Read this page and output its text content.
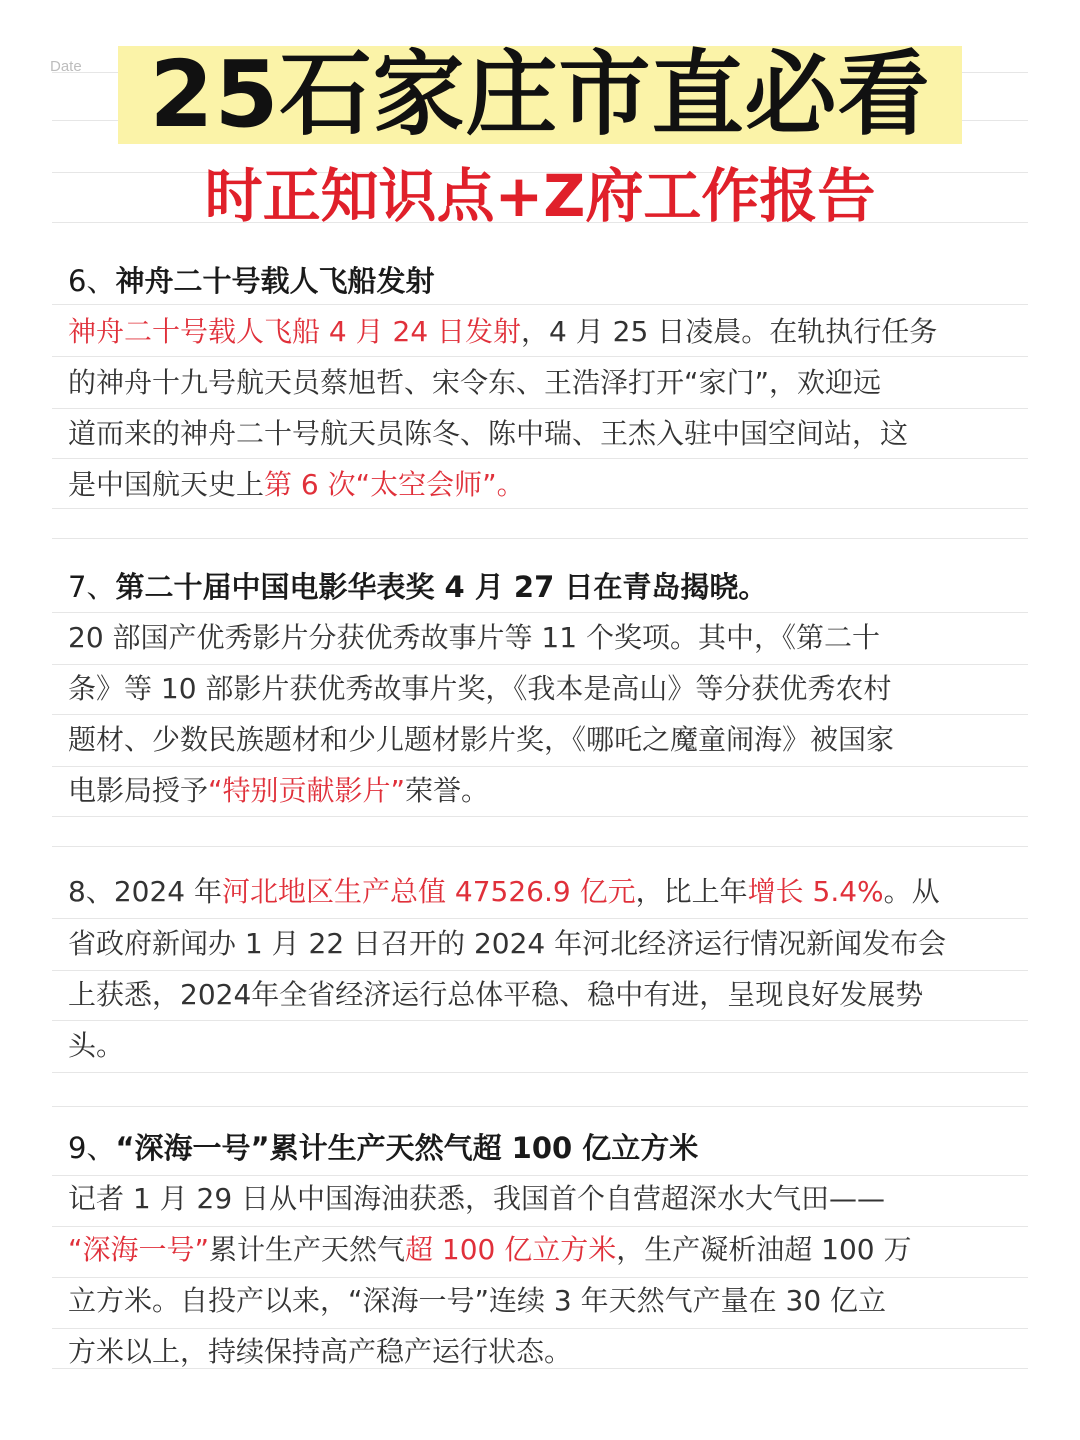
Date 25石家庄市直必看
时正知识点+Z府工作报告
6、神舟二十号载人飞船发射
神舟二十号载人飞船 4 月 24 日发射，4 月 25 日凌晨。在轨执行任务
的神舟十九号航天员蔡旭哲、宋令东、王浩泽打开“家门”，欢迎远
道而来的神舟二十号航天员陈冬、陈中瑞、王杰入驻中国空间站，这
是中国航天史上第 6 次“太空会师”。
7、第二十届中国电影华表奖 4 月 27 日在青岛揭晓。
20 部国产优秀影片分获优秀故事片等 11 个奖项。其中，《第二十
条》等 10 部影片获优秀故事片奖，《我本是高山》等分获优秀农村
题材、少数民族题材和少儿题材影片奖，《哪吒之魔童闹海》被国家
电影局授予“特别贡献影片”荣誉。
8、2024 年河北地区生产总值 47526.9 亿元，比上年增长 5.4%。从
省政府新闻办 1 月 22 日召开的 2024 年河北经济运行情况新闻发布会
上获悉，2024年全省经济运行总体平稳、稳中有进，呈现良好发展势
头。
9、“深海一号”累计生产天然气超 100 亿立方米
记者 1 月 29 日从中国海油获悉，我国首个自营超深水大气田——
“深海一号”累计生产天然气超 100 亿立方米，生产凝析油超 100 万
立方米。自投产以来，“深海一号”连续 3 年天然气产量在 30 亿立
方米以上，持续保持高产稳产运行状态。
